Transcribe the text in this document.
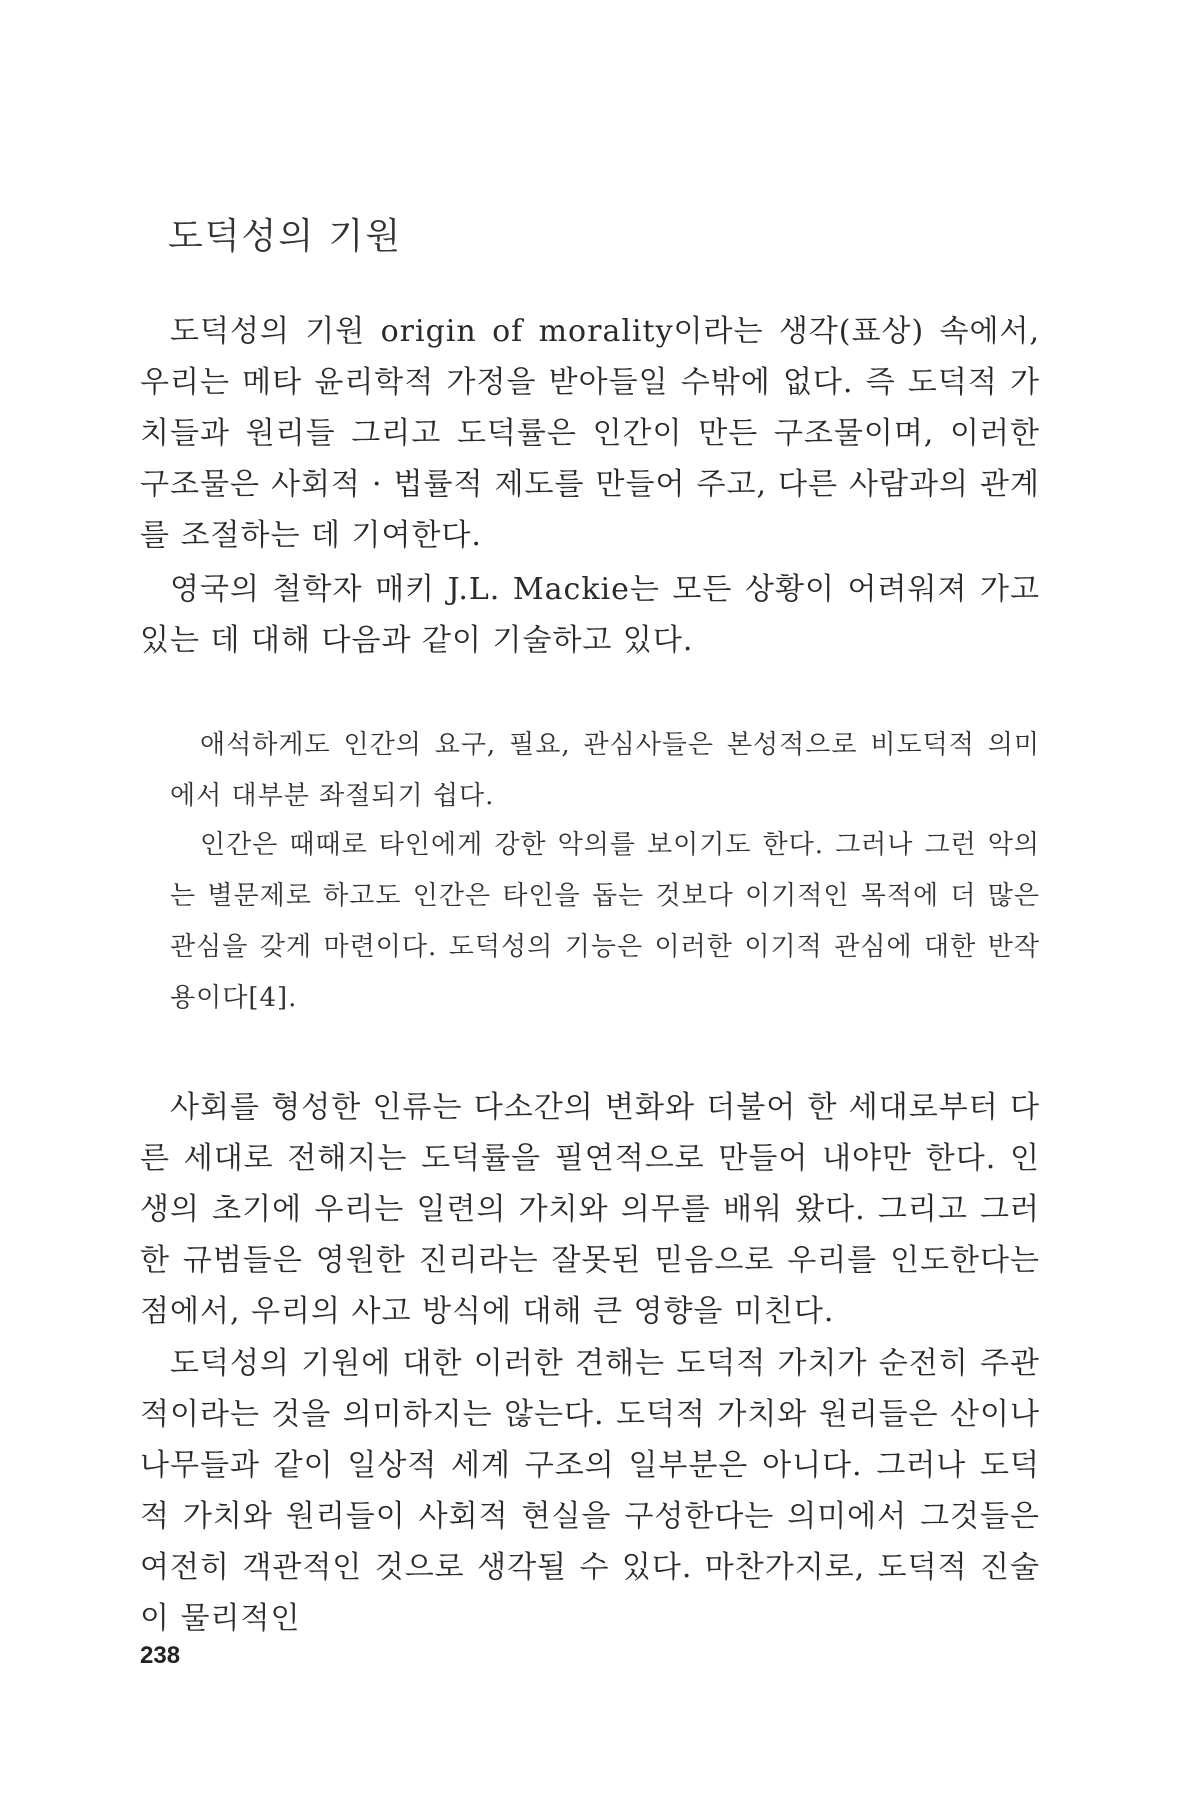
도덕성의 기원

도덕성의 기원 origin of morality이라는 생각(표상) 속에서, 우리는 메타 윤리학적 가정을 받아들일 수밖에 없다. 즉 도덕적 가치들과 원리들 그리고 도덕률은 인간이 만든 구조물이며, 이러한 구조물은 사회적 · 법률적 제도를 만들어 주고, 다른 사람과의 관계를 조절하는 데 기여한다.

영국의 철학자 매키 J.L. Mackie는 모든 상황이 어려워져 가고 있는 데 대해 다음과 같이 기술하고 있다.

애석하게도 인간의 요구, 필요, 관심사들은 본성적으로 비도덕적 의미에서 대부분 좌절되기 쉽다.

인간은 때때로 타인에게 강한 악의를 보이기도 한다. 그러나 그런 악의는 별문제로 하고도 인간은 타인을 돕는 것보다 이기적인 목적에 더 많은 관심을 갖게 마련이다. 도덕성의 기능은 이러한 이기적 관심에 대한 반작용이다[4].

사회를 형성한 인류는 다소간의 변화와 더불어 한 세대로부터 다른 세대로 전해지는 도덕률을 필연적으로 만들어 내야만 한다. 인생의 초기에 우리는 일련의 가치와 의무를 배워 왔다. 그리고 그러한 규범들은 영원한 진리라는 잘못된 믿음으로 우리를 인도한다는 점에서, 우리의 사고 방식에 대해 큰 영향을 미친다.

도덕성의 기원에 대한 이러한 견해는 도덕적 가치가 순전히 주관적이라는 것을 의미하지는 않는다. 도덕적 가치와 원리들은 산이나 나무들과 같이 일상적 세계 구조의 일부분은 아니다. 그러나 도덕적 가치와 원리들이 사회적 현실을 구성한다는 의미에서 그것들은 여전히 객관적인 것으로 생각될 수 있다. 마찬가지로, 도덕적 진술이 물리적인

238
